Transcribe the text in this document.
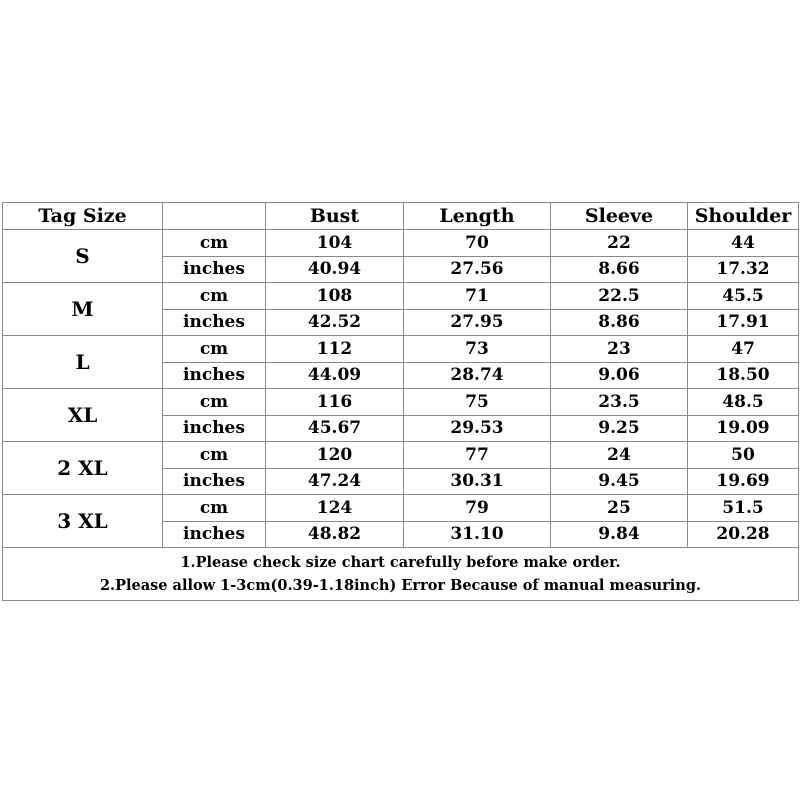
Tag Size		Bust	Length	Sleeve	Shoulder
S	cm	104	70	22	44
	inches	40.94	27.56	8.66	17.32
M	cm	108	71	22.5	45.5
	inches	42.52	27.95	8.86	17.91
L	cm	112	73	23	47
	inches	44.09	28.74	9.06	18.50
XL	cm	116	75	23.5	48.5
	inches	45.67	29.53	9.25	19.09
2 XL	cm	120	77	24	50
	inches	47.24	30.31	9.45	19.69
3 XL	cm	124	79	25	51.5
	inches	48.82	31.10	9.84	20.28

1.Please check size chart carefully before make order.
2.Please allow 1-3cm(0.39-1.18inch) Error Because of manual measuring.					
